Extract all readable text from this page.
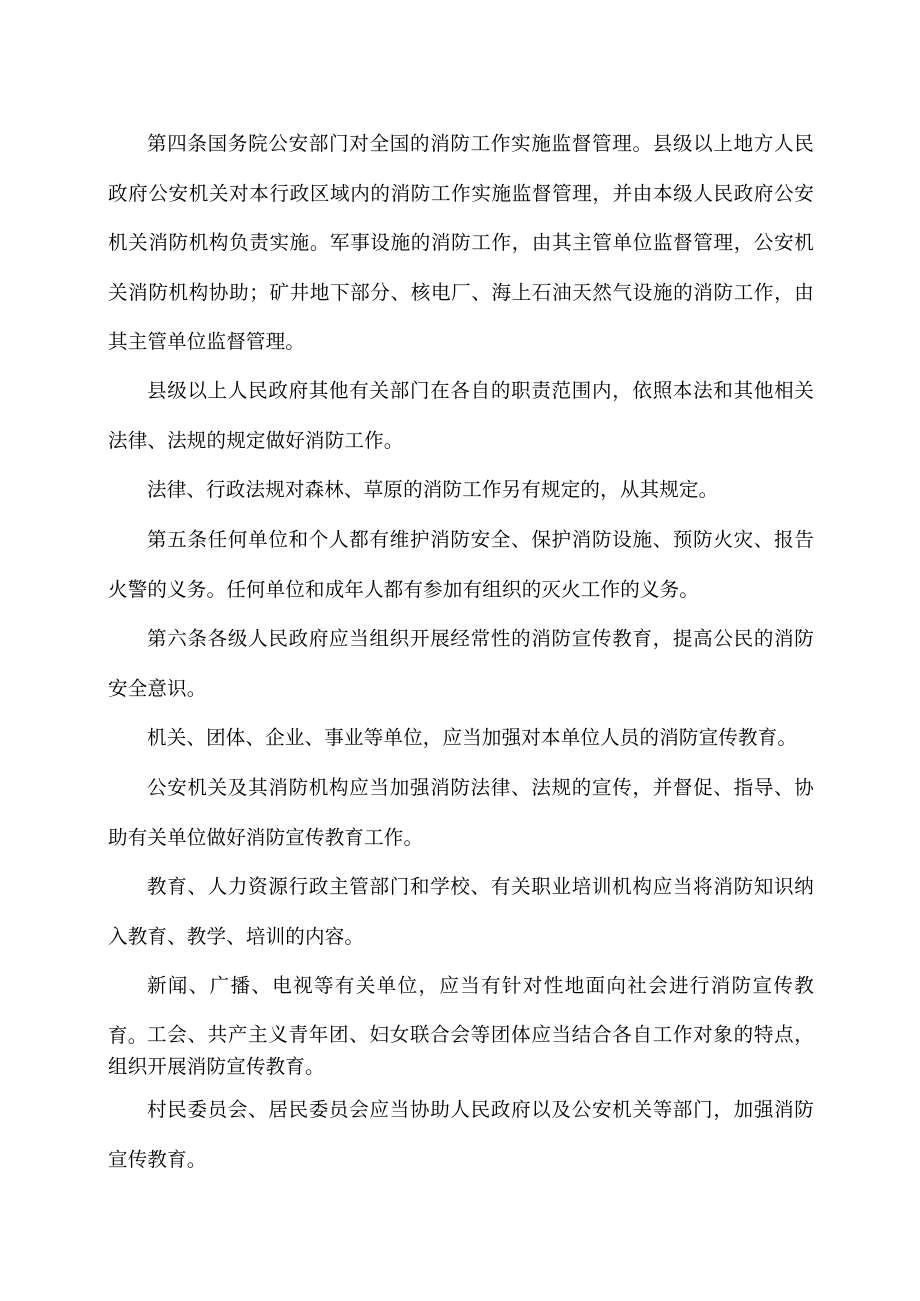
第四条国务院公安部门对全国的消防工作实施监督管理。县级以上地方人民政府公安机关对本行政区域内的消防工作实施监督管理，并由本级人民政府公安机关消防机构负责实施。军事设施的消防工作，由其主管单位监督管理，公安机关消防机构协助；矿井地下部分、核电厂、海上石油天然气设施的消防工作，由其主管单位监督管理。

县级以上人民政府其他有关部门在各自的职责范围内，依照本法和其他相关法律、法规的规定做好消防工作。

法律、行政法规对森林、草原的消防工作另有规定的，从其规定。

第五条任何单位和个人都有维护消防安全、保护消防设施、预防火灾、报告火警的义务。任何单位和成年人都有参加有组织的灭火工作的义务。

第六条各级人民政府应当组织开展经常性的消防宣传教育，提高公民的消防安全意识。

机关、团体、企业、事业等单位，应当加强对本单位人员的消防宣传教育。

公安机关及其消防机构应当加强消防法律、法规的宣传，并督促、指导、协助有关单位做好消防宣传教育工作。

教育、人力资源行政主管部门和学校、有关职业培训机构应当将消防知识纳入教育、教学、培训的内容。

新闻、广播、电视等有关单位，应当有针对性地面向社会进行消防宣传教育。 工会、共产主义青年团、妇女联合会等团体应当结合各自工作对象的特点，组织开展消防宣传教育。

村民委员会、居民委员会应当协助人民政府以及公安机关等部门，加强消防宣传教育。
